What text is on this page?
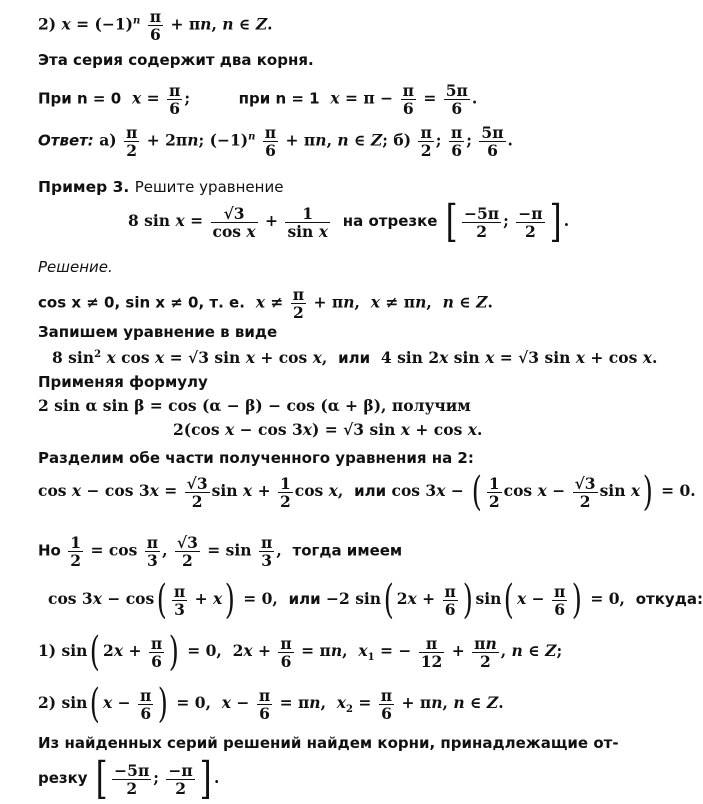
2) $x = (-1)^n \frac{\pi}{6} + \pi n$, n ∈ Z.
Эта серия содержит два корня.
При n = 0 $x = \frac{\pi}{6}$ ;         при n = 1 $x = \pi - \frac{\pi}{6} = \frac{5\pi}{6}$ .
Ответ: $а) \frac{\pi}{2} + 2\pi n$; $(-1)^n \frac{\pi}{6} + \pi n$, n ∈ Z; $б) \frac{\pi}{2}$ ; $\frac{\pi}{6}$ ; $\frac{5\pi}{6}$ .
Пример 3. Решите уравнение
8 $\sin x = \frac{√3}{\text{cos x}} + \frac{1}{\text{sin x}}$ на отрезке [ $\frac{-5\pi}{2}$ ; $\frac{-\pi}{2}$ ] .
Решение.
cos x ≠ 0, sin x ≠ 0, т. е. $x \ne \frac{\pi}{2} + \pi n$,  x ≠ πn,  n ∈ Z.
Запишем уравнение в виде
8 $\sin^2 x$ cos x = √3 sin x + cos x,  или  4 sin 2x sin x = √3 sin x + cos x.
Применяя формулу
2 sin α sin β = cos (α − β) − cos (α + β), получим
2(cos x − cos 3x) = √3 sin x + cos x.
Разделим обе части полученного уравнения на 2:
$\cos x - \cos 3x = \frac{√3}{2}$ $\sin x + \frac{1}{2}$ cos x,  или cos 3x − ( $\frac{1}{2}$ $\cos x - \frac{√3}{2}$ sin x) = 0.
Но $\frac{1}{2} = \cos \frac{\pi}{3}$ , $\frac{√3}{2} = \sin \frac{\pi}{3}$ ,  тогда имеем
$\cos 3x - \cos( \frac{\pi}{3} + x) = 0$,  или −2 sin( $2x + \frac{\pi}{6}$ ) sin( $x - \frac{\pi}{6}$ ) = 0,  откуда:
1) sin( $2x + \frac{\pi}{6}$ ) = 0,  $2x + \frac{\pi}{6} = \pi n$,  $x_1$ = − $\frac{\pi}{12} + \frac{\pi n}{2}$ , n ∈ Z;
2) sin( $x - \frac{\pi}{6}$ ) = 0,  $x - \frac{\pi}{6} = \pi n$,  $x_2 = \frac{\pi}{6} + \pi n$, n ∈ Z.
Из найденных серий решений найдем корни, принадлежащие от-
резку [ $\frac{-5\pi}{2}$ ; $\frac{-\pi}{2}$ ] .
